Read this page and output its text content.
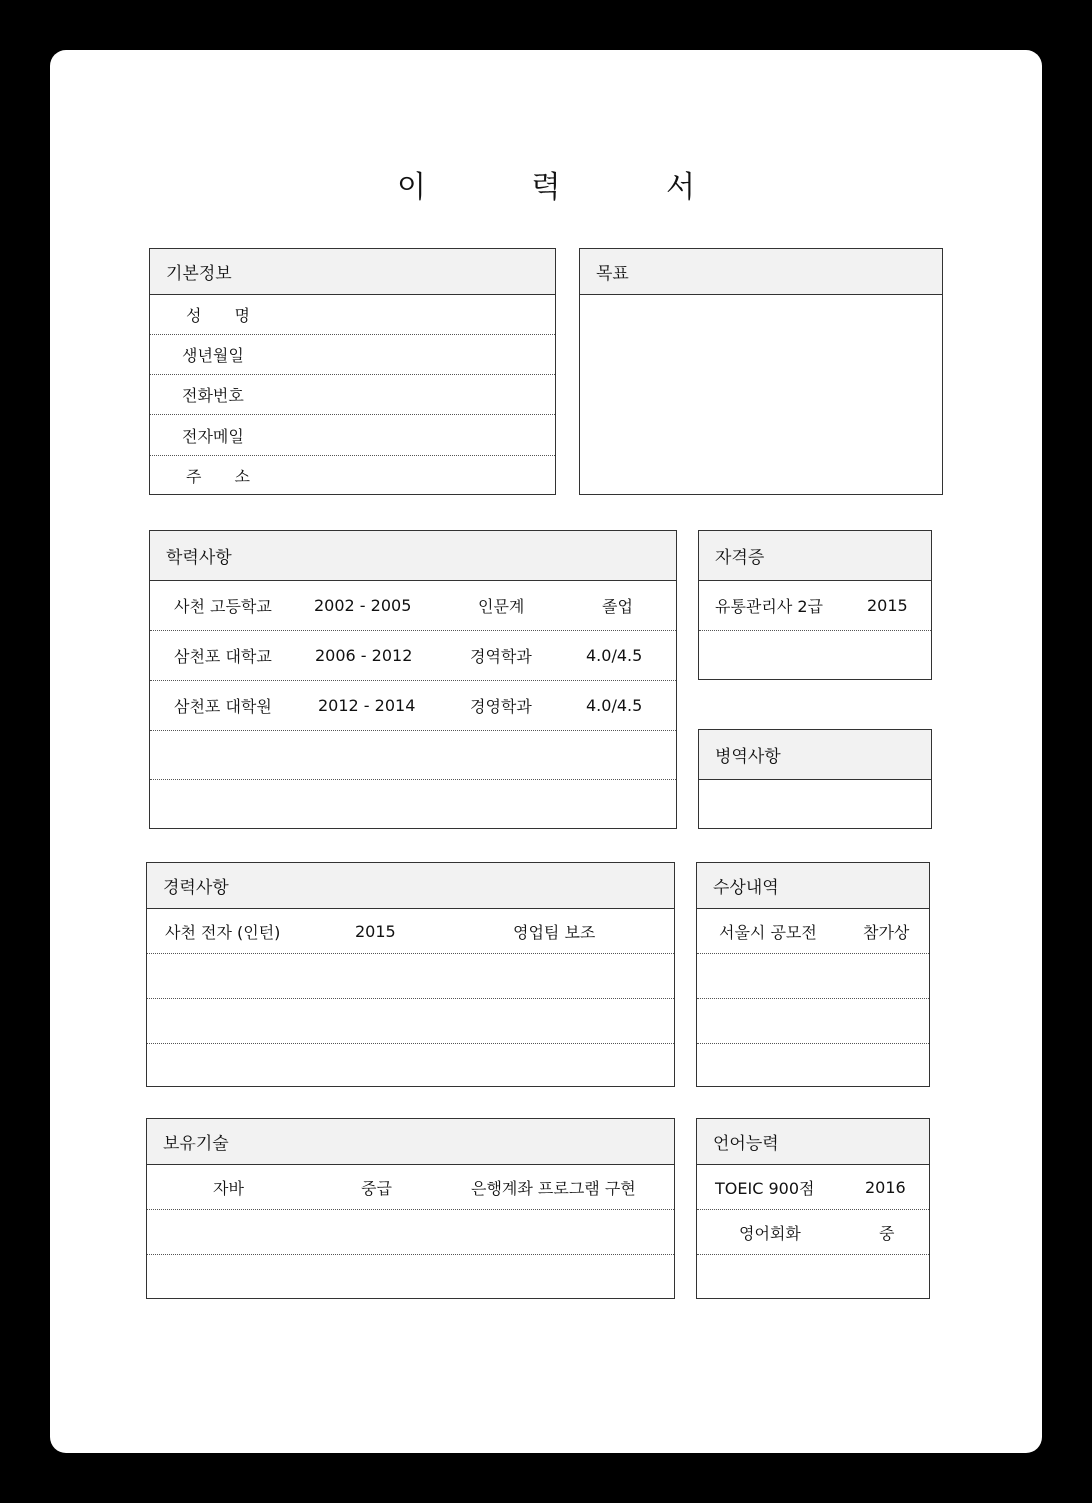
이 력 서
기본정보
성 명
생년월일
전화번호
전자메일
주 소
목표
학력사항
사천 고등학교	2002 - 2005	인문계	졸업
삼천포 대학교	2006 - 2012	경역학과	4.0/4.5
삼천포 대학원	2012 - 2014	경영학과	4.0/4.5
자격증
유통관리사 2급	2015
병역사항
경력사항
사천 전자 (인턴)	2015	영업팀 보조
수상내역
서울시 공모전	참가상
보유기술
자바	중급	은행계좌 프로그램 구현
언어능력
TOEIC 900점	2016
영어회화	중
